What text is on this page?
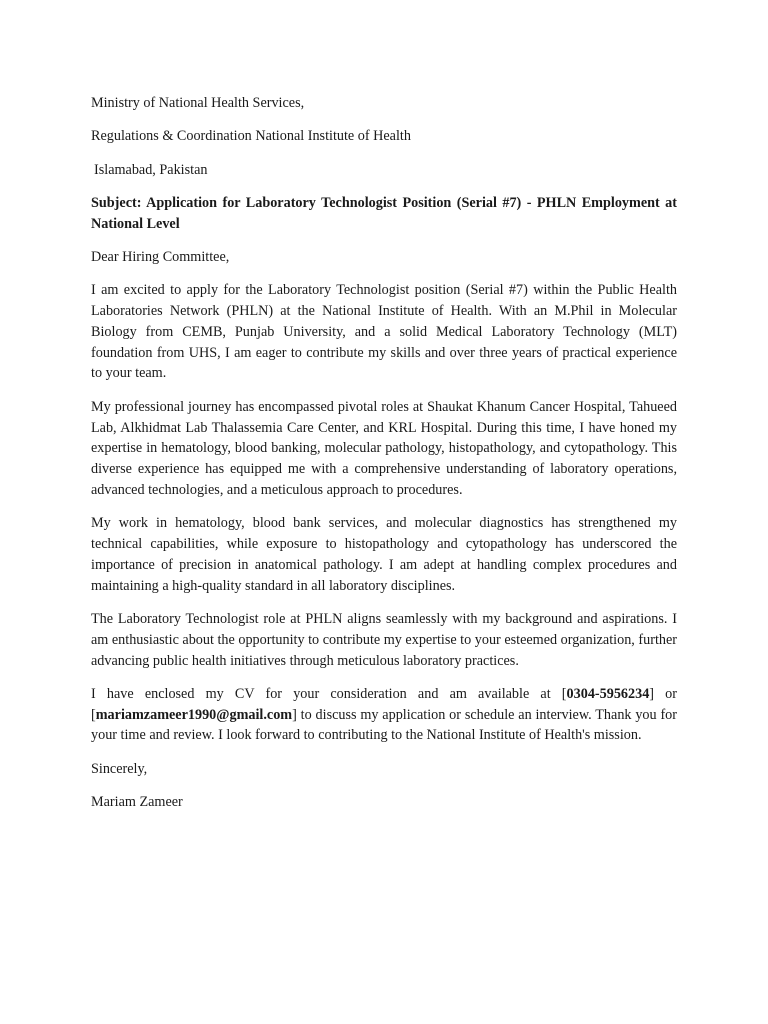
Ministry of National Health Services,
Regulations & Coordination National Institute of Health
Islamabad, Pakistan
Subject: Application for Laboratory Technologist Position (Serial #7) - PHLN Employment at National Level
Dear Hiring Committee,
I am excited to apply for the Laboratory Technologist position (Serial #7) within the Public Health Laboratories Network (PHLN) at the National Institute of Health. With an M.Phil in Molecular Biology from CEMB, Punjab University, and a solid Medical Laboratory Technology (MLT) foundation from UHS, I am eager to contribute my skills and over three years of practical experience to your team.
My professional journey has encompassed pivotal roles at Shaukat Khanum Cancer Hospital, Tahueed Lab, Alkhidmat Lab Thalassemia Care Center, and KRL Hospital. During this time, I have honed my expertise in hematology, blood banking, molecular pathology, histopathology, and cytopathology. This diverse experience has equipped me with a comprehensive understanding of laboratory operations, advanced technologies, and a meticulous approach to procedures.
My work in hematology, blood bank services, and molecular diagnostics has strengthened my technical capabilities, while exposure to histopathology and cytopathology has underscored the importance of precision in anatomical pathology. I am adept at handling complex procedures and maintaining a high-quality standard in all laboratory disciplines.
The Laboratory Technologist role at PHLN aligns seamlessly with my background and aspirations. I am enthusiastic about the opportunity to contribute my expertise to your esteemed organization, further advancing public health initiatives through meticulous laboratory practices.
I have enclosed my CV for your consideration and am available at [0304-5956234] or [mariamzameer1990@gmail.com] to discuss my application or schedule an interview. Thank you for your time and review. I look forward to contributing to the National Institute of Health's mission.
Sincerely,
Mariam Zameer
